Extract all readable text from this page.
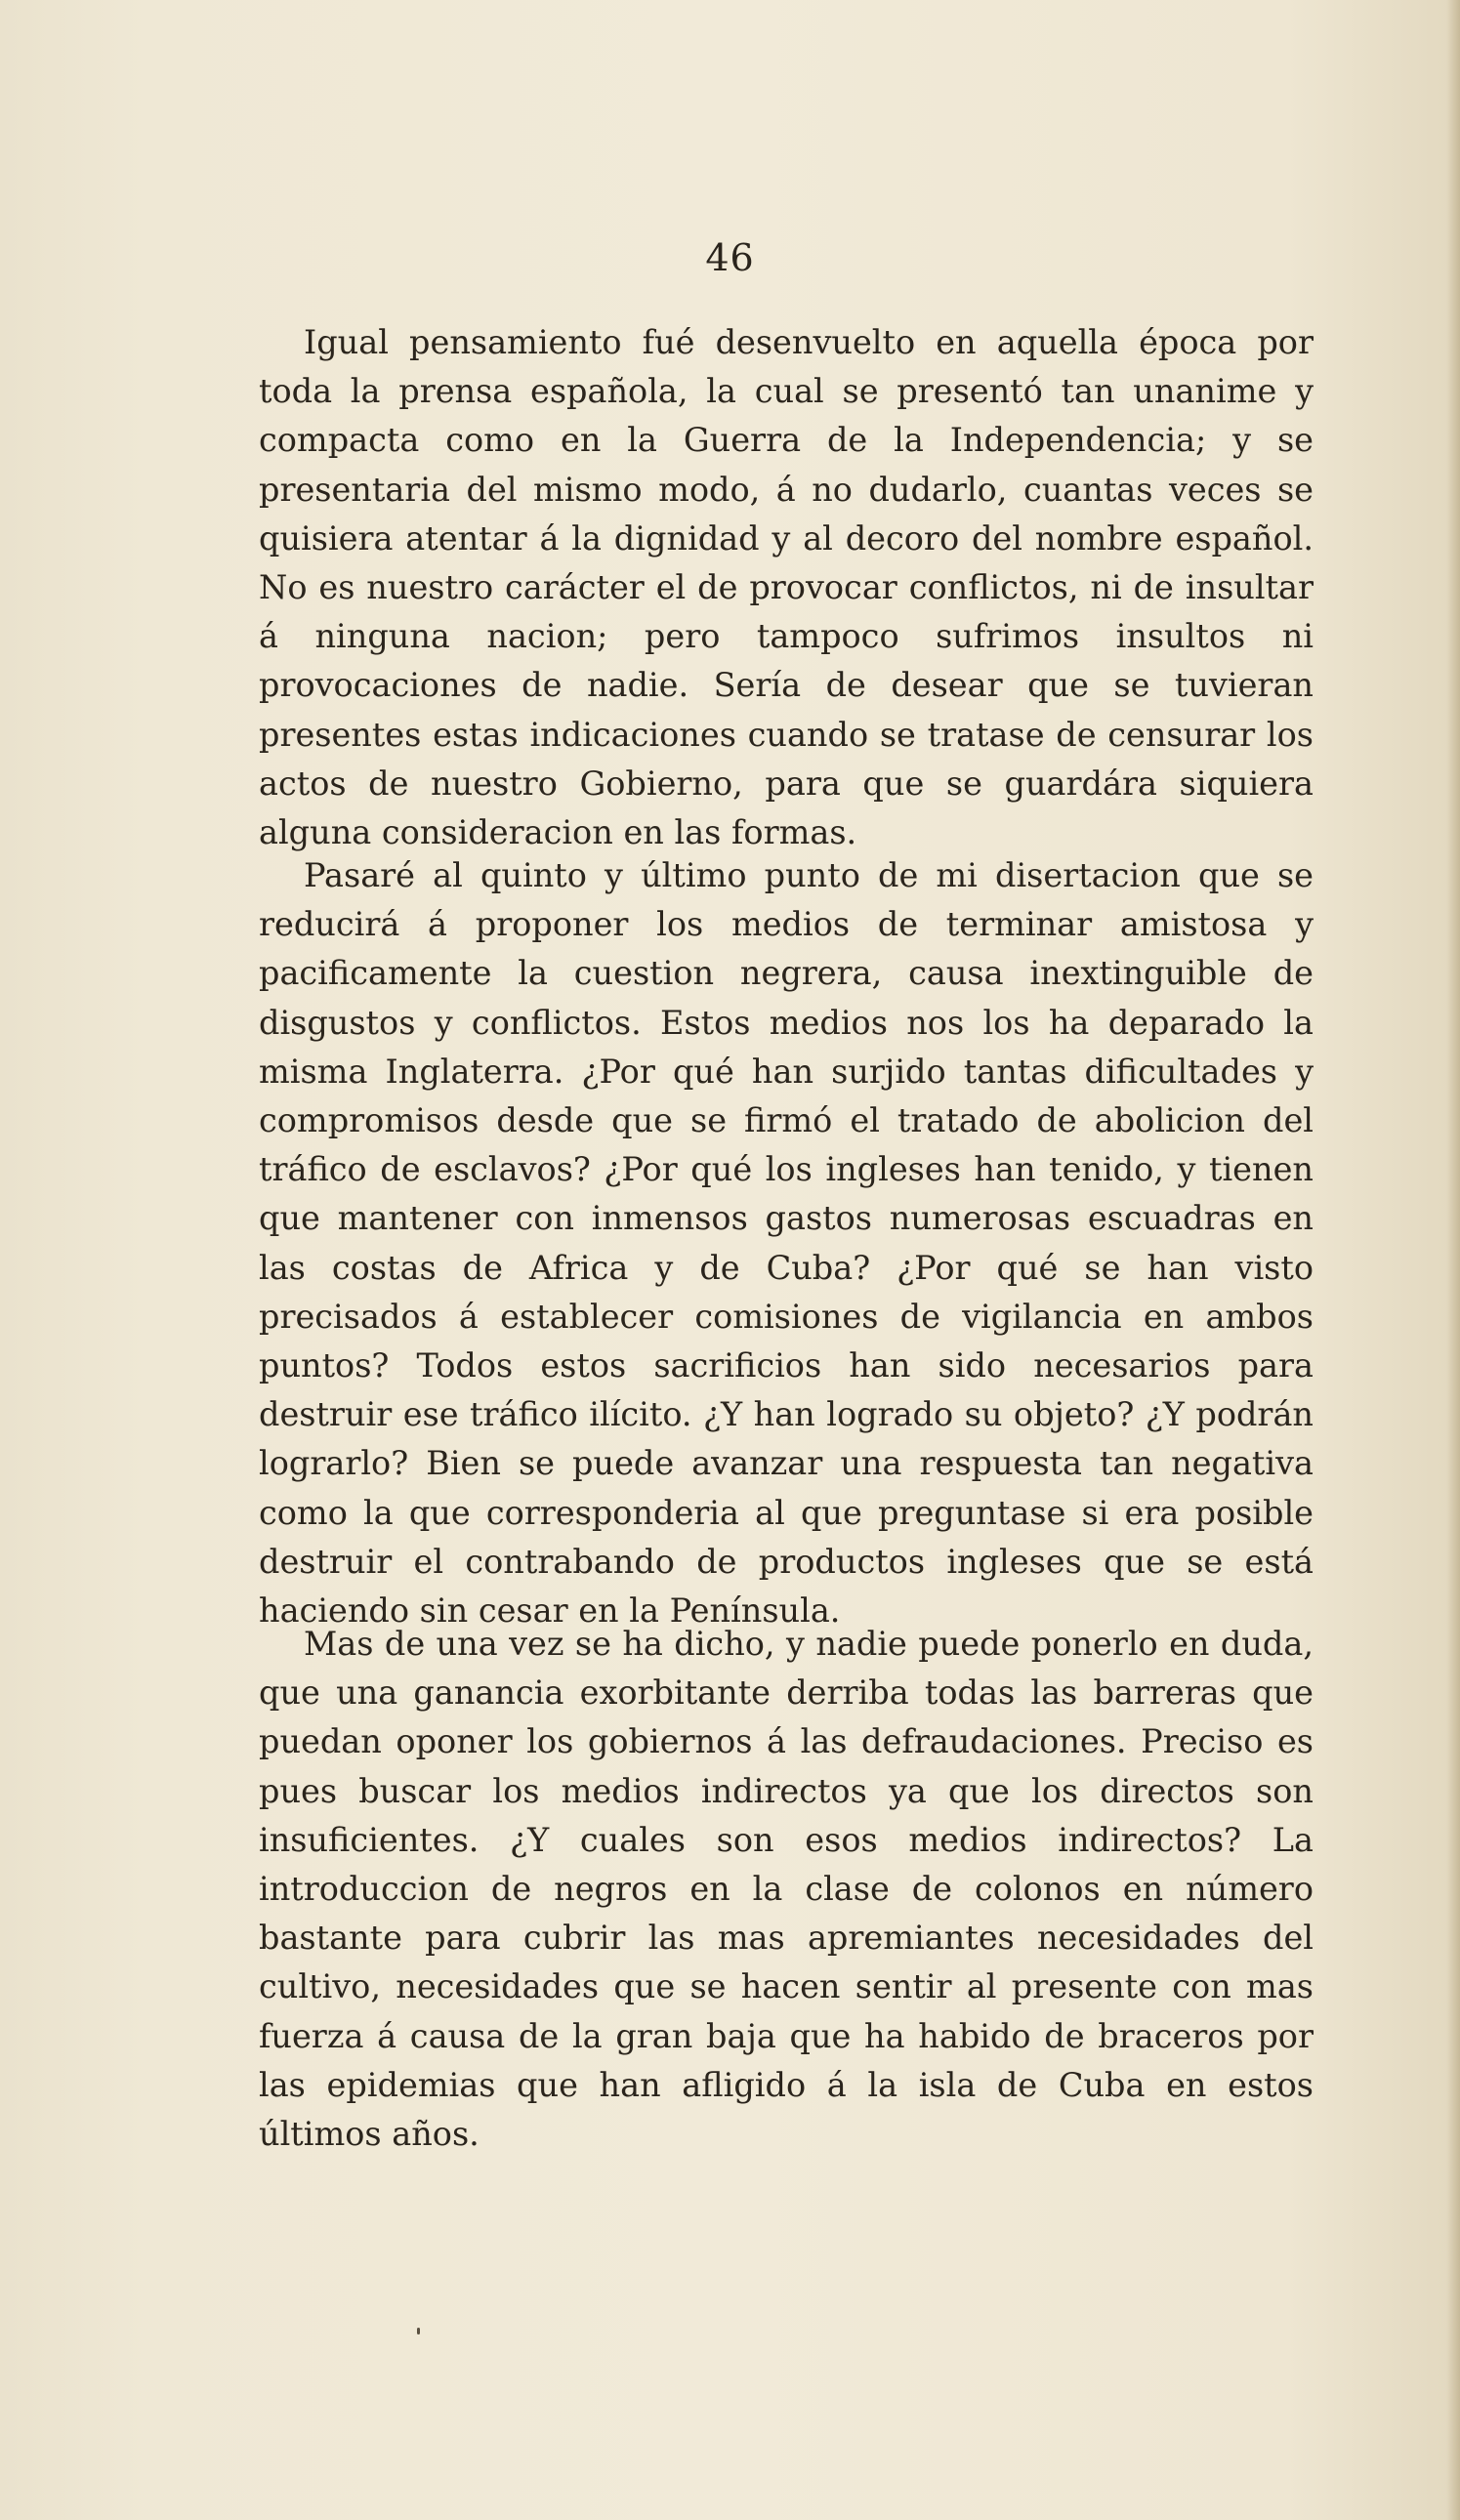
46

Igual pensamiento fué desenvuelto en aquella época por toda la prensa española, la cual se presentó tan unanime y compacta como en la Guerra de la Independencia; y se presentaria del mismo modo, á no dudarlo, cuantas veces se quisiera atentar á la dignidad y al decoro del nombre español. No es nuestro carácter el de provocar conflictos, ni de insultar á ninguna nacion; pero tampoco sufrimos insultos ni provocaciones de nadie. Sería de desear que se tuvieran presentes estas indicaciones cuando se tratase de censurar los actos de nuestro Gobierno, para que se guardára siquiera alguna consideracion en las formas.

Pasaré al quinto y último punto de mi disertacion que se reducirá á proponer los medios de terminar amistosa y pacificamente la cuestion negrera, causa inextinguible de disgustos y conflictos. Estos medios nos los ha deparado la misma Inglaterra. ¿Por qué han surjido tantas dificultades y compromisos desde que se firmó el tratado de abolicion del tráfico de esclavos? ¿Por qué los ingleses han tenido, y tienen que mantener con inmensos gastos numerosas escuadras en las costas de Africa y de Cuba? ¿Por qué se han visto precisados á establecer comisiones de vigilancia en ambos puntos? Todos estos sacrificios han sido necesarios para destruir ese tráfico ilícito. ¿Y han logrado su objeto? ¿Y podrán lograrlo? Bien se puede avanzar una respuesta tan negativa como la que corresponderia al que preguntase si era posible destruir el contrabando de productos ingleses que se está haciendo sin cesar en la Península.

Mas de una vez se ha dicho, y nadie puede ponerlo en duda, que una ganancia exorbitante derriba todas las barreras que puedan oponer los gobiernos á las defraudaciones. Preciso es pues buscar los medios indirectos ya que los directos son insuficientes. ¿Y cuales son esos medios indirectos? La introduccion de negros en la clase de colonos en número bastante para cubrir las mas apremiantes necesidades del cultivo, necesidades que se hacen sentir al presente con mas fuerza á causa de la gran baja que ha habido de braceros por las epidemias que han afligido á la isla de Cuba en estos últimos años.
